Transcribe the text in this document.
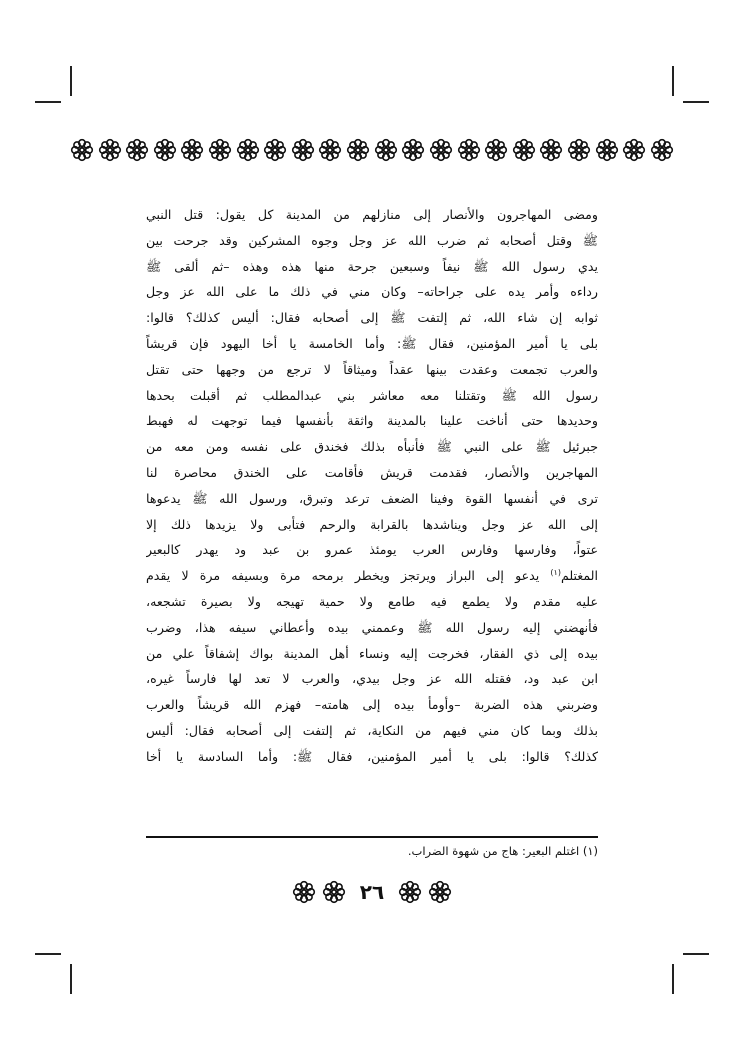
ومضى المهاجرون والأنصار إلى منازلهم من المدينة كل يقول: قتل النبي
ﷺ وقتل أصحابه ثم ضرب الله عز وجل وجوه المشركين وقد جرحت بين
يدي رسول الله ﷺ نيفاً وسبعين جرحة منها هذه وهذه –ثم ألقى ﷺ
رداءه وأمر يده على جراحاته– وكان مني في ذلك ما على الله عز وجل
ثوابه إن شاء الله، ثم إلتفت ﷺ إلى أصحابه فقال: أليس كذلك؟ قالوا:
بلى يا أمير المؤمنين، فقال ﷺ: وأما الخامسة يا أخا اليهود فإن قريشاً
والعرب تجمعت وعقدت بينها عقداً وميثاقاً لا ترجع من وجهها حتى تقتل
رسول الله ﷺ وتقتلنا معه معاشر بني عبدالمطلب ثم أقبلت بحدها
وحديدها حتى أناخت علينا بالمدينة واثقة بأنفسها فيما توجهت له فهبط
جبرئيل ﷺ على النبي ﷺ فأنبأه بذلك فخندق على نفسه ومن معه من
المهاجرين والأنصار، فقدمت قريش فأقامت على الخندق محاصرة لنا
ترى في أنفسها القوة وفينا الضعف ترعد وتبرق، ورسول الله ﷺ يدعوها
إلى الله عز وجل ويناشدها بالقرابة والرحم فتأبى ولا يزيدها ذلك إلا
عتواً، وفارسها وفارس العرب يومئذ عمرو بن عبد ود يهدر كالبعير
المغتلم$^{(١)}$ يدعو إلى البراز ويرتجز ويخطر برمحه مرة وبسيفه مرة لا يقدم
عليه مقدم ولا يطمع فيه طامع ولا حمية تهيجه ولا بصيرة تشجعه،
فأنهضني إليه رسول الله ﷺ وعممني بيده وأعطاني سيفه هذا، وضرب
بيده إلى ذي الفقار، فخرجت إليه ونساء أهل المدينة بواك إشفاقاً علي من
ابن عبد ود، فقتله الله عز وجل بيدي، والعرب لا تعد لها فارساً غيره،
وضربني هذه الضربة –وأومأ بيده إلى هامته– فهزم الله قريشاً والعرب
بذلك وبما كان مني فيهم من النكاية، ثم إلتفت إلى أصحابه فقال: أليس
كذلك؟ قالوا: بلى يا أمير المؤمنين، فقال ﷺ: وأما السادسة يا أخا
(١) اغتلم البعير: هاج من شهوة الضراب.
٢٦
